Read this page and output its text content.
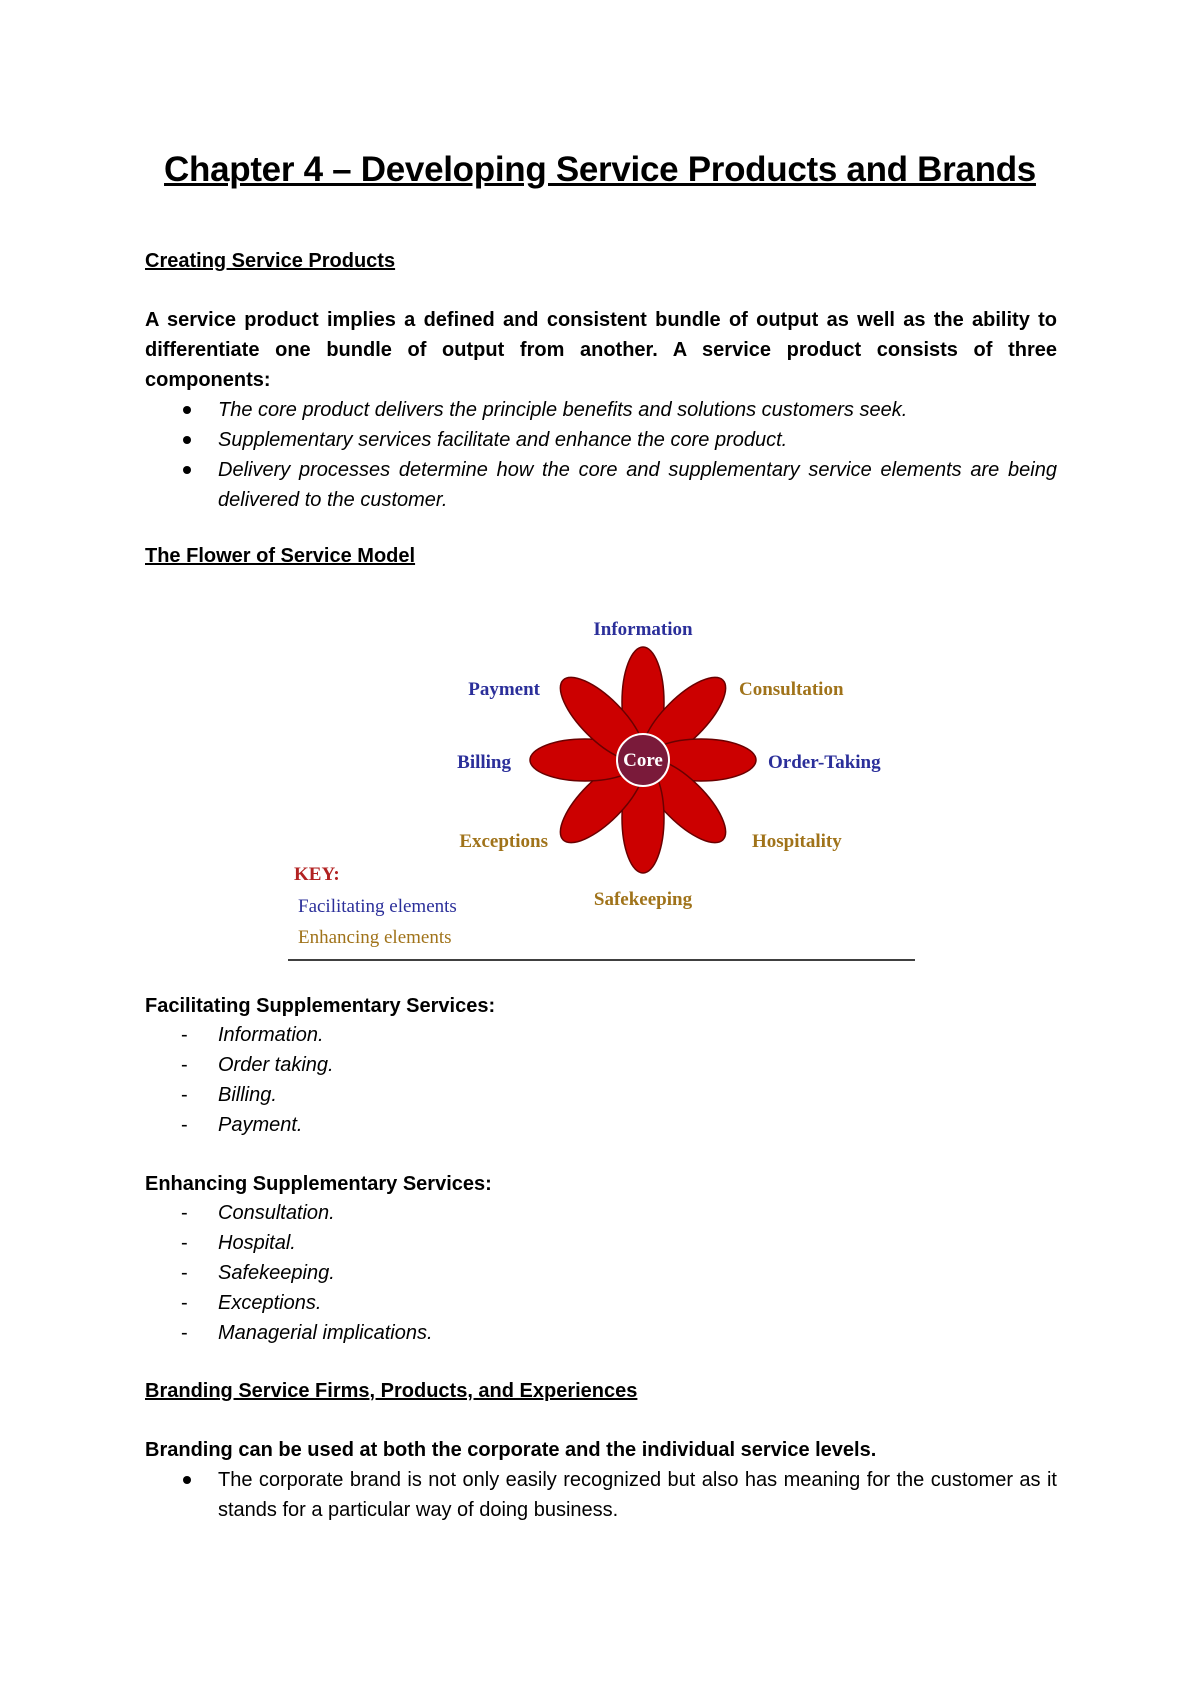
Chapter 4 – Developing Service Products and Brands
Creating Service Products

A service product implies a defined and consistent bundle of output as well as the ability to differentiate one bundle of output from another. A service product consists of three components:

The core product delivers the principle benefits and solutions customers seek.
Supplementary services facilitate and enhance the core product.
Delivery processes determine how the core and supplementary service elements are being delivered to the customer.
The Flower of Service Model
Core
Information
Consultation
Order-Taking
Hospitality
Safekeeping
Exceptions
Billing
Payment
KEY:
Facilitating elements
Enhancing elements
Facilitating Supplementary Services:
- Information.
- Order taking.
- Billing.
- Payment.
Enhancing Supplementary Services:
- Consultation.
- Hospital.
- Safekeeping.
- Exceptions.
- Managerial implications.
Branding Service Firms, Products, and Experiences

Branding can be used at both the corporate and the individual service levels.

The corporate brand is not only easily recognized but also has meaning for the customer as it stands for a particular way of doing business.
